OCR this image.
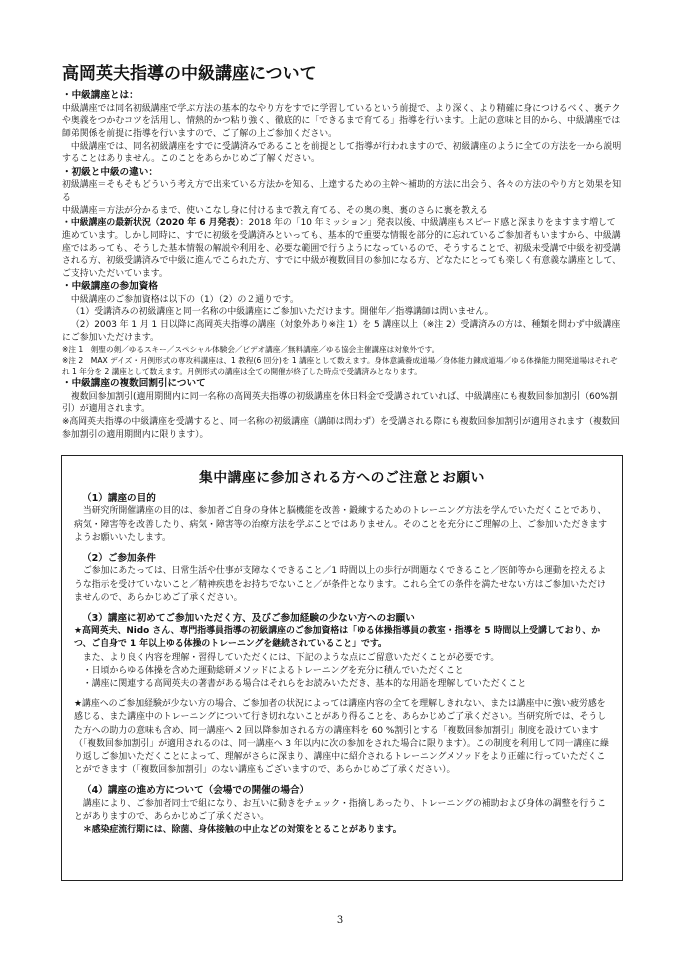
高岡英夫指導の中級講座について
・中級講座とは：

中級講座では同名初級講座で学ぶ方法の基本的なやり方をすでに学習しているという前提で、より深く、より精確に身につけるべく、裏テクや奥義をつかむコツを活用し、情熱的かつ粘り強く、徹底的に「できるまで育てる」指導を行います。上記の意味と目的から、中級講座では師弟関係を前提に指導を行いますので、ご了解の上ご参加ください。

中級講座では、同名初級講座をすでに受講済みであることを前提として指導が行われますので、初級講座のように全ての方法を一から説明することはありません。このことをあらかじめご了解ください。

・初級と中級の違い：

初級講座＝そもそもどういう考え方で出来ている方法かを知る、上達するための主幹～補助的方法に出会う、各々の方法のやり方と効果を知る

中級講座＝方法が分かるまで、使いこなし身に付けるまで教え育てる、その奥の奥、裏のさらに裏を教える

・中級講座の最新状況（2020 年 6 月発表）：2018 年の「10 年ミッション」発表以後、中級講座もスピード感と深まりをますます増して進めています。しかし同時に、すでに初級を受講済みといっても、基本的で重要な情報を部分的に忘れているご参加者もいますから、中級講座ではあっても、そうした基本情報の解説や利用を、必要な範囲で行うようになっているので、そうすることで、初級未受講で中級を初受講される方、初級受講済みで中級に進んでこられた方、すでに中級が複数回目の参加になる方、どなたにとっても楽しく有意義な講座として、ご支持いただいています。

・中級講座の参加資格

中級講座のご参加資格は以下の（1）（2）の２通りです。

（1）受講済みの初級講座と同一名称の中級講座にご参加いただけます。開催年／指導講師は問いません。

（2）2003 年 1 月 1 日以降に高岡英夫指導の講座（対象外あり※注 1）を 5 講座以上（※注 2）受講済みの方は、種類を問わず中級講座にご参加いただけます。

※注 1　剣聖の剣／ゆるスキー／スペシャル体験会／ビデオ講座／無料講座／ゆる協会主催講座は対象外です。

※注 2　MAX デイズ・月例形式の専攻科講座は、1 教程(6 回分)を 1 講座として数えます。身体意識養成道場／身体能力錬成道場／ゆる体操能力開発道場はそれぞれ 1 年分を 2 講座として数えます。月例形式の講座は全ての開催が終了した時点で受講済みとなります。

・中級講座の複数回割引について

複数回参加割引(適用期間内に同一名称の高岡英夫指導の初級講座を休日料金で受講されていれば、中級講座にも複数回参加割引（60%割引）が適用されます。

※高岡英夫指導の中級講座を受講すると、同一名称の初級講座（講師は問わず）を受講される際にも複数回参加割引が適用されます（複数回参加割引の適用期間内に限ります）。

集中講座に参加される方へのご注意とお願い
（1）講座の目的

当研究所開催講座の目的は、参加者ご自身の身体と脳機能を改善・鍛練するためのトレーニング方法を学んでいただくことであり、病気・障害等を改善したり、病気・障害等の治療方法を学ぶことではありません。そのことを充分にご理解の上、ご参加いただきますようお願いいたします。

（2）ご参加条件

ご参加にあたっては、日常生活や仕事が支障なくできること／1 時間以上の歩行が問題なくできること／医師等から運動を控えるような指示を受けていないこと／精神疾患をお持ちでないこと／が条件となります。これら全ての条件を満たせない方はご参加いただけませんので、あらかじめご了承ください。

（3）講座に初めてご参加いただく方、及びご参加経験の少ない方へのお願い

★高岡英夫、Nido さん、専門指導員指導の初級講座のご参加資格は「ゆる体操指導員の教室・指導を 5 時間以上受講しており、かつ、ご自身で 1 年以上ゆる体操のトレーニングを継続されていること」です。

また、より良く内容を理解・習得していただくには、下記のような点にご留意いただくことが必要です。

・日頃からゆる体操を含めた運動総研メソッドによるトレーニングを充分に積んでいただくこと

・講座に関連する高岡英夫の著書がある場合はそれらをお読みいただき、基本的な用語を理解していただくこと

★講座へのご参加経験が少ない方の場合、ご参加者の状況によっては講座内容の全てを理解しきれない、または講座中に強い疲労感を感じる、また講座中のトレーニングについて行き切れないことがあり得ることを、あらかじめご了承ください。当研究所では、そうした方への助力の意味も含め、同一講座へ 2 回以降参加される方の講座料を 60 %割引とする「複数回参加割引」制度を設けています（「複数回参加割引」が適用されるのは、同一講座へ 3 年以内に次の参加をされた場合に限ります）。この制度を利用して同一講座に繰り返しご参加いただくことによって、理解がさらに深まり、講座中に紹介されるトレーニングメソッドをより正確に行っていただくことができます（「複数回参加割引」のない講座もございますので、あらかじめご了承ください）。

（4）講座の進め方について（会場での開催の場合）

講座により、ご参加者同士で組になり、お互いに動きをチェック・指摘しあったり、トレーニングの補助および身体の調整を行うことがありますので、あらかじめご了承ください。

＊感染症流行期には、除菌、身体接触の中止などの対策をとることがあります。

3
